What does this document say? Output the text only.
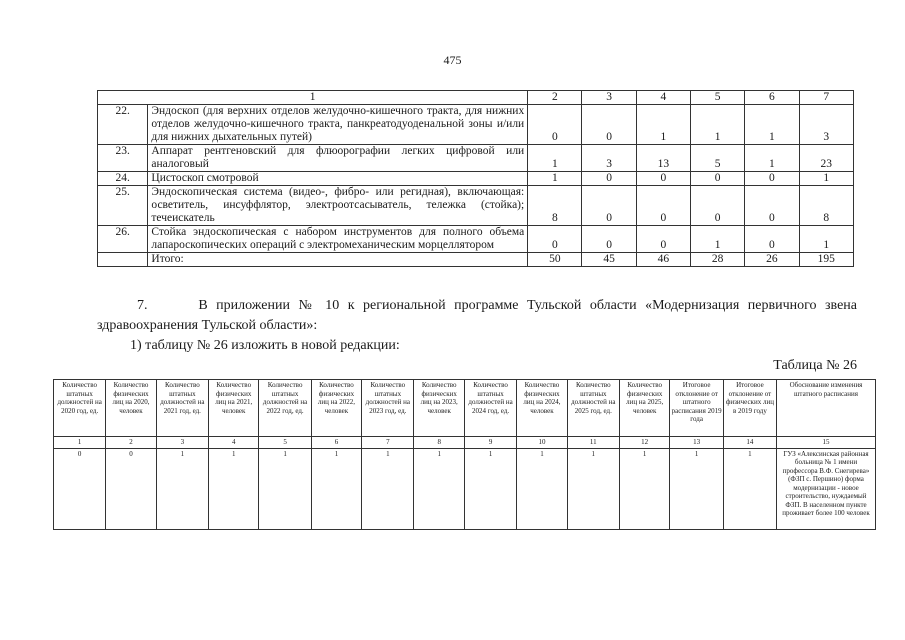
475
1		2	3	4	5	6	7
22.	Эндоскоп (для верхних отделов желудочно-кишечного тракта, для нижних отделов желудочно-кишечного тракта, панкреатодуоденальной зоны и/или для нижних дыхательных путей)	0	0	1	1	1	3
23.	Аппарат рентгеновский для флюорографии легких цифровой или аналоговый	1	3	13	5	1	23
24.	Цистоскоп смотровой	1	0	0	0	0	1
25.	Эндоскопическая система (видео-, фибро- или регидная), включающая: осветитель, инсуффлятор, электроотсасыватель, тележка (стойка); течеискатель	8	0	0	0	0	8
26.	Стойка эндоскопическая с набором инструментов для полного объема лапароскопических операций с электромеханическим морцеллятором	0	0	0	1	0	1
	Итого:	50	45	46	28	26	195
7.	В приложении № 10 к региональной программе Тульской области «Модернизация первичного звена здравоохранения Тульской области»:
1) таблицу № 26 изложить в новой редакции:
Таблица № 26
Количество штатных должностей на 2020 год, ед.	Количество физических лиц на 2020, человек	Количество штатных должностей на 2021 год, ед.	Количество физических лиц на 2021, человек	Количество штатных должностей на 2022 год, ед.	Количество физических лиц на 2022, человек	Количество штатных должностей на 2023 год, ед.	Количество физических лиц на 2023, человек	Количество штатных должностей на 2024 год, ед.	Количество физических лиц на 2024, человек	Количество штатных должностей на 2025 год, ед.	Количество физических лиц на 2025, человек	Итоговое отклонение от штатного расписания 2019 года	Итоговое отклонение от физических лиц в 2019 году	Обоснование изменения штатного расписания
1	2	3	4	5	6	7	8	9	10	11	12	13	14	15
0	0	1	1	1	1	1	1	1	1	1	1	1	1	ГУЗ «Алексинская районная больница № 1 имени профессора В.Ф. Снегирева» (ФЗП с. Першино) форма модернизации - новое строительство, нуждаемый ФЗП. В населенном пункте проживает более 100 человек
